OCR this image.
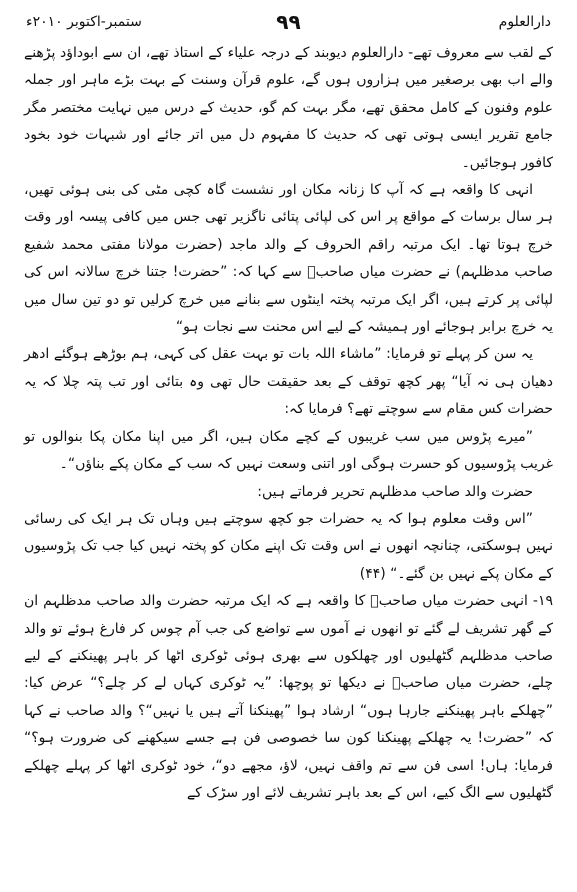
ستمبر-اکتوبر ۲۰۱۰ء	۹۹	دارالعلوم

کے لقب سے معروف تھے- دارالعلوم دیوبند کے درجہ علیاء کے استاذ تھے، ان سے ابوداؤد پڑھنے والے اب بھی برصغیر میں ہزاروں ہوں گے، علوم قرآن وسنت کے بہت بڑے ماہر اور جملہ علوم وفنون کے کامل محقق تھے، مگر بہت کم گو، حدیث کے درس میں نہایت مختصر مگر جامع تقریر ایسی ہوتی تھی کہ حدیث کا مفہوم دل میں اتر جائے اور شبہات خود بخود کافور ہوجائیں۔

انہی کا واقعہ ہے کہ آپ کا زنانہ مکان اور نشست گاہ کچی مٹی کی بنی ہوئی تھیں، ہر سال برسات کے مواقع پر اس کی لپائی پتائی ناگزیر تھی جس میں کافی پیسہ اور وقت خرچ ہوتا تھا۔ ایک مرتبہ راقم الحروف کے والد ماجد (حضرت مولانا مفتی محمد شفیع صاحب مدظلہم) نے حضرت میاں صاحبؒ سے کہا کہ: ”حضرت! جتنا خرچ سالانہ اس کی لپائی پر کرتے ہیں، اگر ایک مرتبہ پختہ اینٹوں سے بنانے میں خرچ کرلیں تو دو تین سال میں یہ خرچ برابر ہوجائے اور ہمیشہ کے لیے اس محنت سے نجات ہو“

یہ سن کر پہلے تو فرمایا: ”ماشاء اللہ بات تو بہت عقل کی کہی، ہم بوڑھے ہوگئے ادھر دھیان ہی نہ آیا“ پھر کچھ توقف کے بعد حقیقت حال تھی وہ بتائی اور تب پتہ چلا کہ یہ حضرات کس مقام سے سوچتے تھے؟ فرمایا کہ:

”میرے پڑوس میں سب غریبوں کے کچے مکان ہیں، اگر میں اپنا مکان پکا بنوالوں تو غریب پڑوسیوں کو حسرت ہوگی اور اتنی وسعت نہیں کہ سب کے مکان پکے بناؤں“۔

حضرت والد صاحب مدظلہم تحریر فرماتے ہیں:

”اس وقت معلوم ہوا کہ یہ حضرات جو کچھ سوچتے ہیں وہاں تک ہر ایک کی رسائی نہیں ہوسکتی، چنانچہ انھوں نے اس وقت تک اپنے مکان کو پختہ نہیں کیا جب تک پڑوسیوں کے مکان پکے نہیں بن گئے۔“ (۴۴)

۱۹- انہی حضرت میاں صاحبؒ کا واقعہ ہے کہ ایک مرتبہ حضرت والد صاحب مدظلہم ان کے گھر تشریف لے گئے تو انھوں نے آموں سے تواضع کی جب آم چوس کر فارغ ہوئے تو والد صاحب مدظلہم گٹھلیوں اور چھلکوں سے بھری ہوئی ٹوکری اٹھا کر باہر پھینکنے کے لیے چلے، حضرت میاں صاحبؒ نے دیکھا تو پوچھا: ”یہ ٹوکری کہاں لے کر چلے؟“ عرض کیا: ”چھلکے باہر پھینکنے جارہا ہوں“ ارشاد ہوا ”پھینکنا آتے ہیں یا نہیں“؟ والد صاحب نے کہا کہ ”حضرت! یہ چھلکے پھینکنا کون سا خصوصی فن ہے جسے سیکھنے کی ضرورت ہو؟“ فرمایا: ہاں! اسی فن سے تم واقف نہیں، لاؤ، مجھے دو“، خود ٹوکری اٹھا کر پہلے چھلکے گٹھلیوں سے الگ کیے، اس کے بعد باہر تشریف لائے اور سڑک کے
